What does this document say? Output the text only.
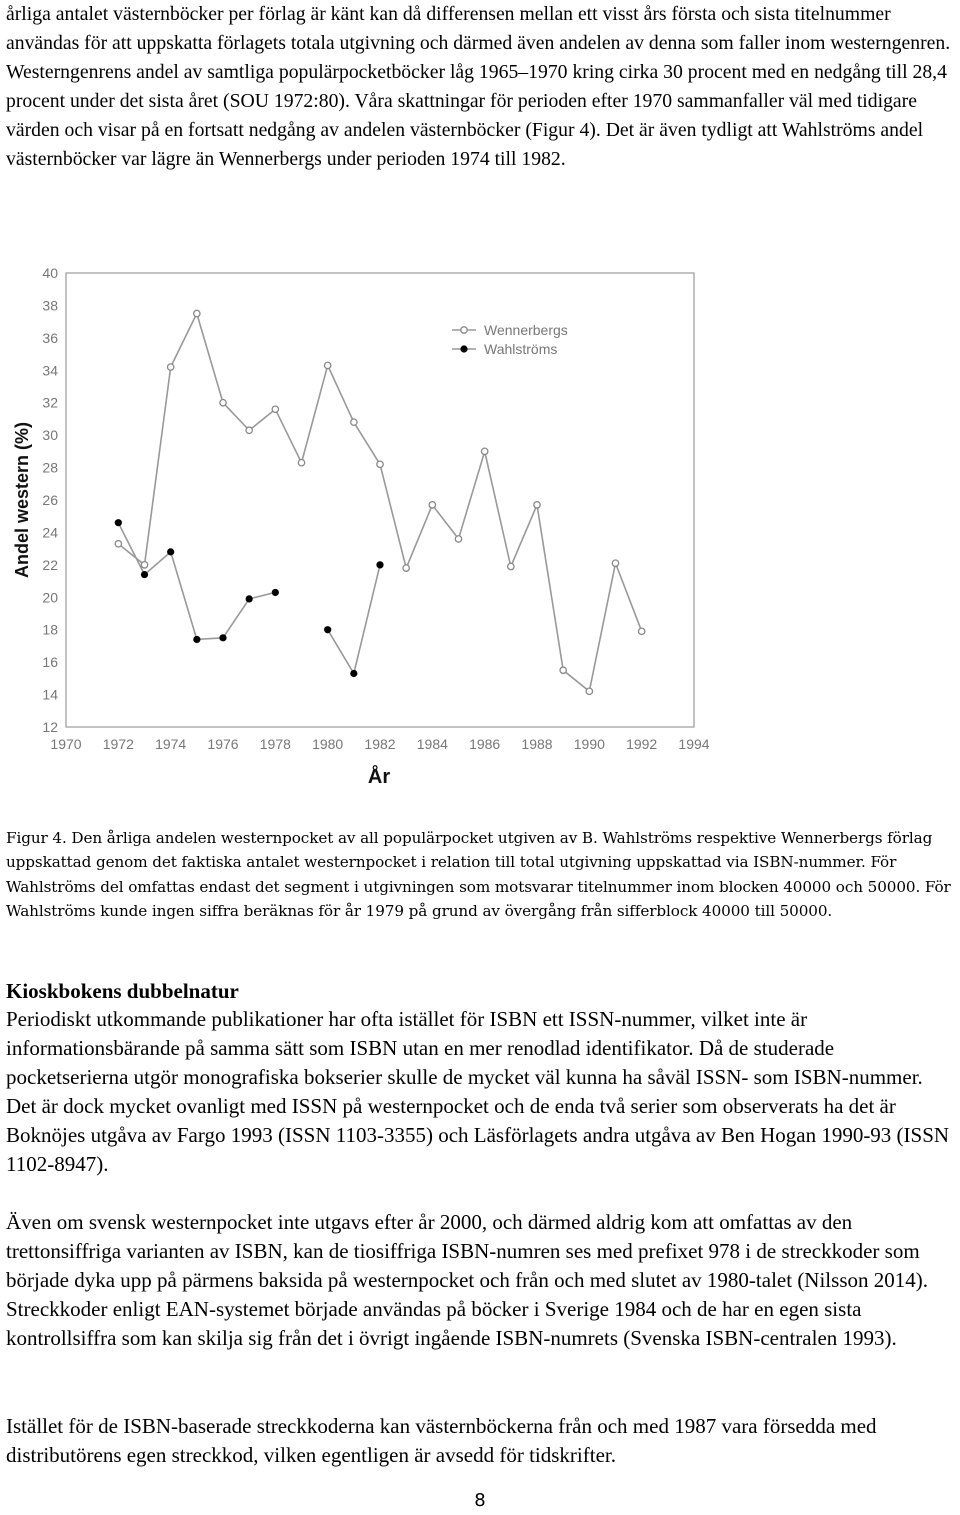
årliga antalet västernböcker per förlag är känt kan då differensen mellan ett visst års första och sista titelnummer användas för att uppskatta förlagets totala utgivning och därmed även andelen av denna som faller inom westerngenren. Westerngenrens andel av samtliga populärpocketböcker låg 1965–1970 kring cirka 30 procent med en nedgång till 28,4 procent under det sista året (SOU 1972:80). Våra skattningar för perioden efter 1970 sammanfaller väl med tidigare värden och visar på en fortsatt nedgång av andelen västernböcker (Figur 4). Det är även tydligt att Wahlströms andel västernböcker var lägre än Wennerbergs under perioden 1974 till 1982.
12
14
16
18
20
22
24
26
28
30
32
34
36
38
40
1970 1972 1974 1976 1978 1980 1982 1984 1986 1988 1990 1992 1994
Wennerbergs
Wahlströms
Andel western (%)
År
Figur 4. Den årliga andelen westernpocket av all populärpocket utgiven av B. Wahlströms respektive Wennerbergs förlag uppskattad genom det faktiska antalet westernpocket i relation till total utgivning uppskattad via ISBN-nummer. För Wahlströms del omfattas endast det segment i utgivningen som motsvarar titelnummer inom blocken 40000 och 50000. För Wahlströms kunde ingen siffra beräknas för år 1979 på grund av övergång från sifferblock 40000 till 50000.
Kioskbokens dubbelnatur
Periodiskt utkommande publikationer har ofta istället för ISBN ett ISSN-nummer, vilket inte är informationsbärande på samma sätt som ISBN utan en mer renodlad identifikator. Då de studerade pocketserierna utgör monografiska bokserier skulle de mycket väl kunna ha såväl ISSN- som ISBN-nummer. Det är dock mycket ovanligt med ISSN på westernpocket och de enda två serier som observerats ha det är Boknöjes utgåva av Fargo 1993 (ISSN 1103-3355) och Läsförlagets andra utgåva av Ben Hogan 1990-93 (ISSN 1102-8947).
Även om svensk westernpocket inte utgavs efter år 2000, och därmed aldrig kom att omfattas av den trettonsiffriga varianten av ISBN, kan de tiosiffriga ISBN-numren ses med prefixet 978 i de streckkoder som började dyka upp på pärmens baksida på westernpocket och från och med slutet av 1980-talet (Nilsson 2014). Streckkoder enligt EAN-systemet började användas på böcker i Sverige 1984 och de har en egen sista kontrollsiffra som kan skilja sig från det i övrigt ingående ISBN-numrets (Svenska ISBN-centralen 1993).
Istället för de ISBN-baserade streckkoderna kan västernböckerna från och med 1987 vara försedda med distributörens egen streckkod, vilken egentligen är avsedd för tidskrifter.
8
